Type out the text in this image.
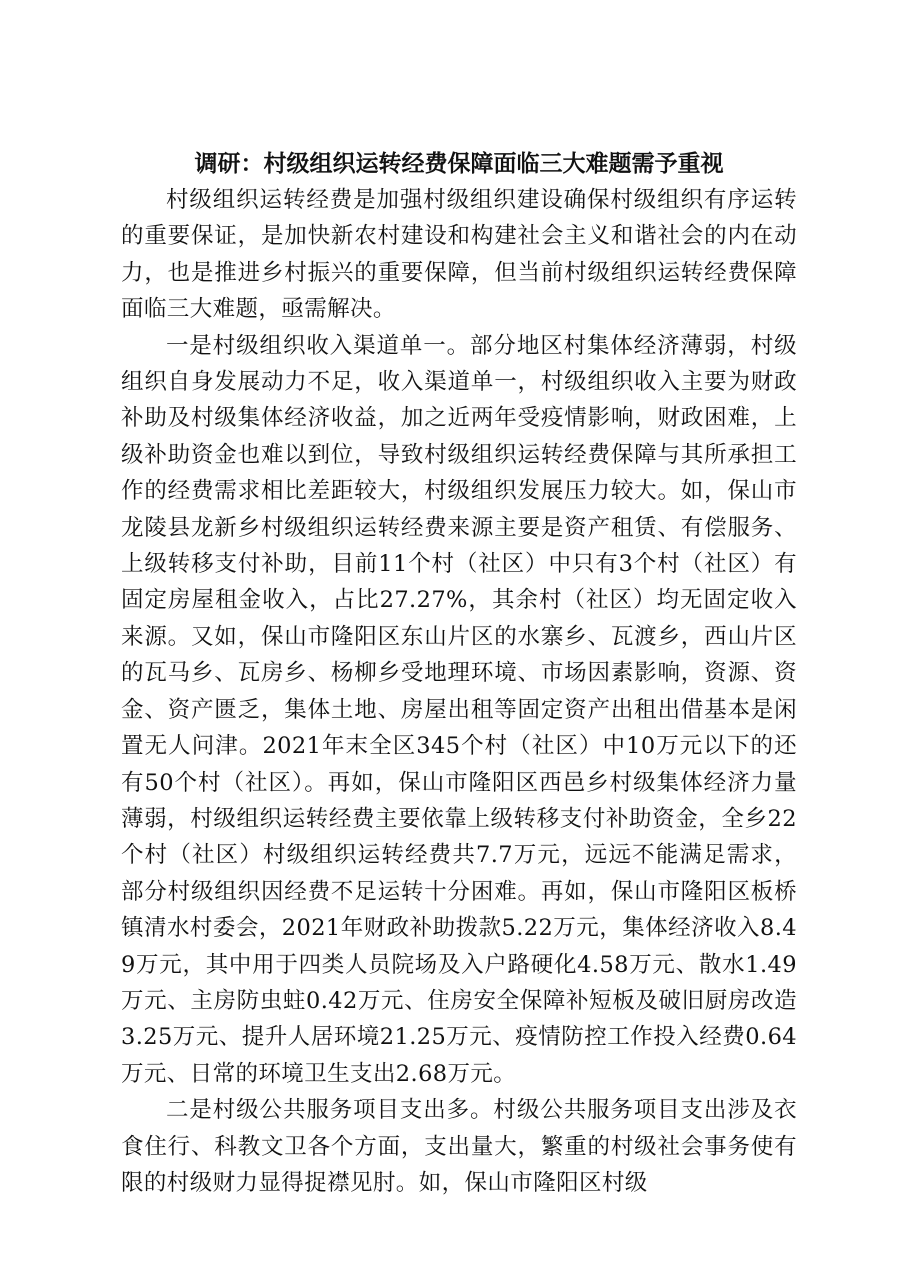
调研：村级组织运转经费保障面临三大难题需予重视

村级组织运转经费是加强村级组织建设确保村级组织有序运转的重要保证，是加快新农村建设和构建社会主义和谐社会的内在动力，也是推进乡村振兴的重要保障，但当前村级组织运转经费保障面临三大难题，亟需解决。

一是村级组织收入渠道单一。部分地区村集体经济薄弱，村级组织自身发展动力不足，收入渠道单一，村级组织收入主要为财政补助及村级集体经济收益，加之近两年受疫情影响，财政困难，上级补助资金也难以到位，导致村级组织运转经费保障与其所承担工作的经费需求相比差距较大，村级组织发展压力较大。如，保山市龙陵县龙新乡村级组织运转经费来源主要是资产租赁、有偿服务、上级转移支付补助，目前11个村（社区）中只有3个村（社区）有固定房屋租金收入，占比27.27%，其余村（社区）均无固定收入来源。又如，保山市隆阳区东山片区的水寨乡、瓦渡乡，西山片区的瓦马乡、瓦房乡、杨柳乡受地理环境、市场因素影响，资源、资金、资产匮乏，集体土地、房屋出租等固定资产出租出借基本是闲置无人问津。2021年末全区345个村（社区）中10万元以下的还有50个村（社区）。再如，保山市隆阳区西邑乡村级集体经济力量薄弱，村级组织运转经费主要依靠上级转移支付补助资金，全乡22个村（社区）村级组织运转经费共7.7万元，远远不能满足需求，部分村级组织因经费不足运转十分困难。再如，保山市隆阳区板桥镇清水村委会，2021年财政补助拨款5.22万元，集体经济收入8.49万元，其中用于四类人员院场及入户路硬化4.58万元、散水1.49万元、主房防虫蛀0.42万元、住房安全保障补短板及破旧厨房改造3.25万元、提升人居环境21.25万元、疫情防控工作投入经费0.64万元、日常的环境卫生支出2.68万元。

二是村级公共服务项目支出多。村级公共服务项目支出涉及衣食住行、科教文卫各个方面，支出量大，繁重的村级社会事务使有限的村级财力显得捉襟见肘。如，保山市隆阳区村级
